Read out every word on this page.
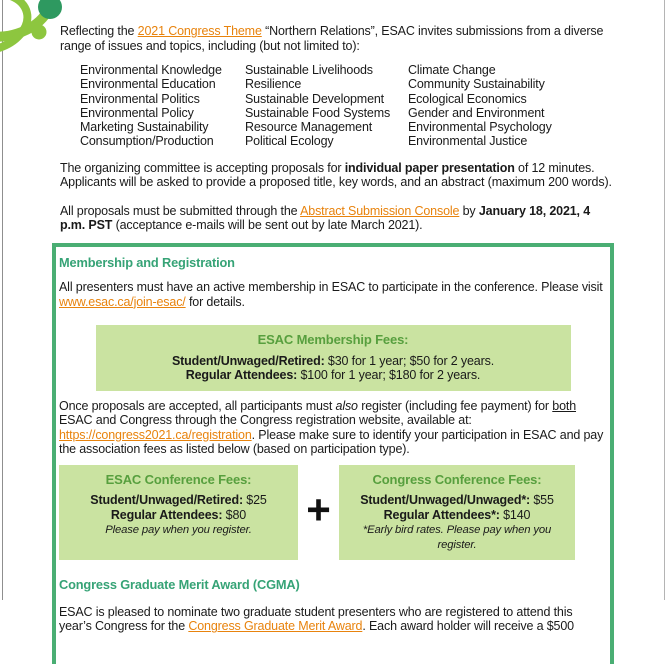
Reflecting the 2021 Congress Theme “Northern Relations”, ESAC invites submissions from a diverse range of issues and topics, including (but not limited to):

Environmental Knowledge
Environmental Education
Environmental Politics
Environmental Policy
Marketing Sustainability
Consumption/Production
Sustainable Livelihoods
Resilience
Sustainable Development
Sustainable Food Systems
Resource Management
Political Ecology
Climate Change
Community Sustainability
Ecological Economics
Gender and Environment
Environmental Psychology
Environmental Justice

The organizing committee is accepting proposals for individual paper presentation of 12 minutes. Applicants will be asked to provide a proposed title, key words, and an abstract (maximum 200 words).

All proposals must be submitted through the Abstract Submission Console by January 18, 2021, 4 p.m. PST (acceptance e-mails will be sent out by late March 2021).

Membership and Registration

All presenters must have an active membership in ESAC to participate in the conference. Please visit www.esac.ca/join-esac/ for details.

ESAC Membership Fees:
Student/Unwaged/Retired: $30 for 1 year; $50 for 2 years.
Regular Attendees: $100 for 1 year; $180 for 2 years.

Once proposals are accepted, all participants must also register (including fee payment) for both ESAC and Congress through the Congress registration website, available at: https://congress2021.ca/registration. Please make sure to identify your participation in ESAC and pay the association fees as listed below (based on participation type).

ESAC Conference Fees:
Student/Unwaged/Retired: $25
Regular Attendees: $80
Please pay when you register.	+
Congress Conference Fees:
Student/Unwaged/Unwaged*: $55
Regular Attendees*: $140
*Early bird rates. Please pay when you register.
Congress Graduate Merit Award (CGMA)

ESAC is pleased to nominate two graduate student presenters who are registered to attend this year’s Congress for the Congress Graduate Merit Award. Each award holder will receive a $500
